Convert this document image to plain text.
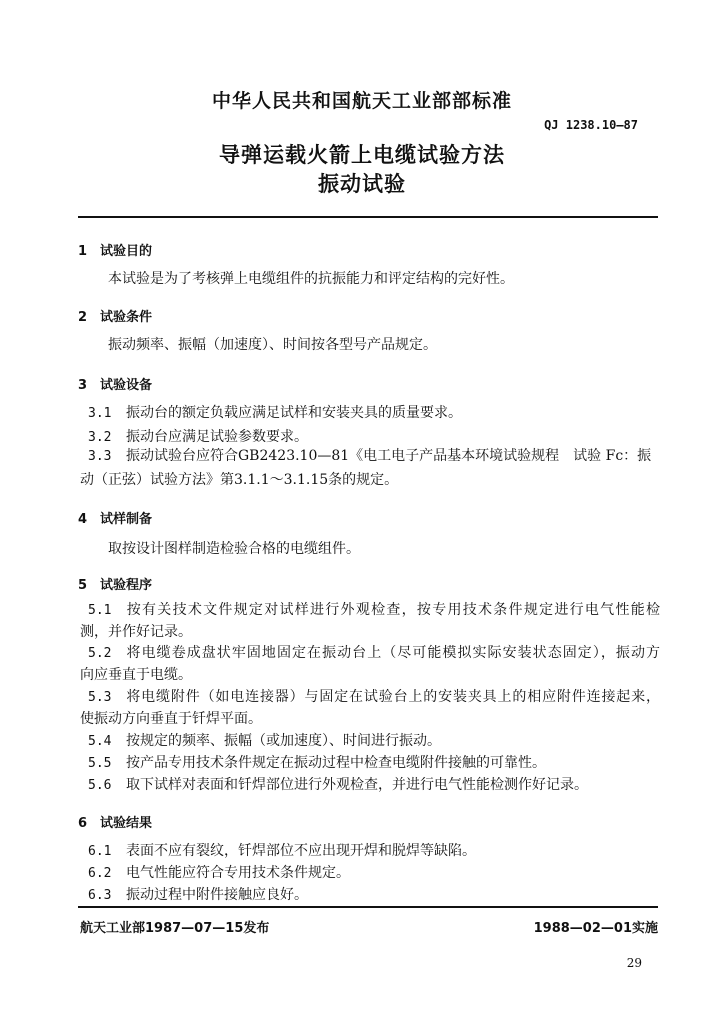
中华人民共和国航天工业部部标准
QJ 1238.10—87
导弹运载火箭上电缆试验方法
振动试验
1 试验目的
本试验是为了考核弹上电缆组件的抗振能力和评定结构的完好性。
2 试验条件
振动频率、振幅（加速度）、时间按各型号产品规定。
3 试验设备
3.1 振动台的额定负载应满足试样和安装夹具的质量要求。
3.2 振动台应满足试验参数要求。
3.3 振动试验台应符合GB2423.10—81《电工电子产品基本环境试验规程　试验 Fc：振
动（正弦）试验方法》第3.1.1～3.1.15条的规定。
4 试样制备
取按设计图样制造检验合格的电缆组件。
5 试验程序
5.1 按有关技术文件规定对试样进行外观检查，按专用技术条件规定进行电气性能检
测，并作好记录。
5.2 将电缆卷成盘状牢固地固定在振动台上（尽可能模拟实际安装状态固定），振动方
向应垂直于电缆。
5.3 将电缆附件（如电连接器）与固定在试验台上的安装夹具上的相应附件连接起来，
使振动方向垂直于钎焊平面。
5.4 按规定的频率、振幅（或加速度）、时间进行振动。
5.5 按产品专用技术条件规定在振动过程中检查电缆附件接触的可靠性。
5.6 取下试样对表面和钎焊部位进行外观检查，并进行电气性能检测作好记录。
6 试验结果
6.1 表面不应有裂纹，钎焊部位不应出现开焊和脱焊等缺陷。
6.2 电气性能应符合专用技术条件规定。
6.3 振动过程中附件接触应良好。
航天工业部1987—07—15发布	1988—02—01实施
29
